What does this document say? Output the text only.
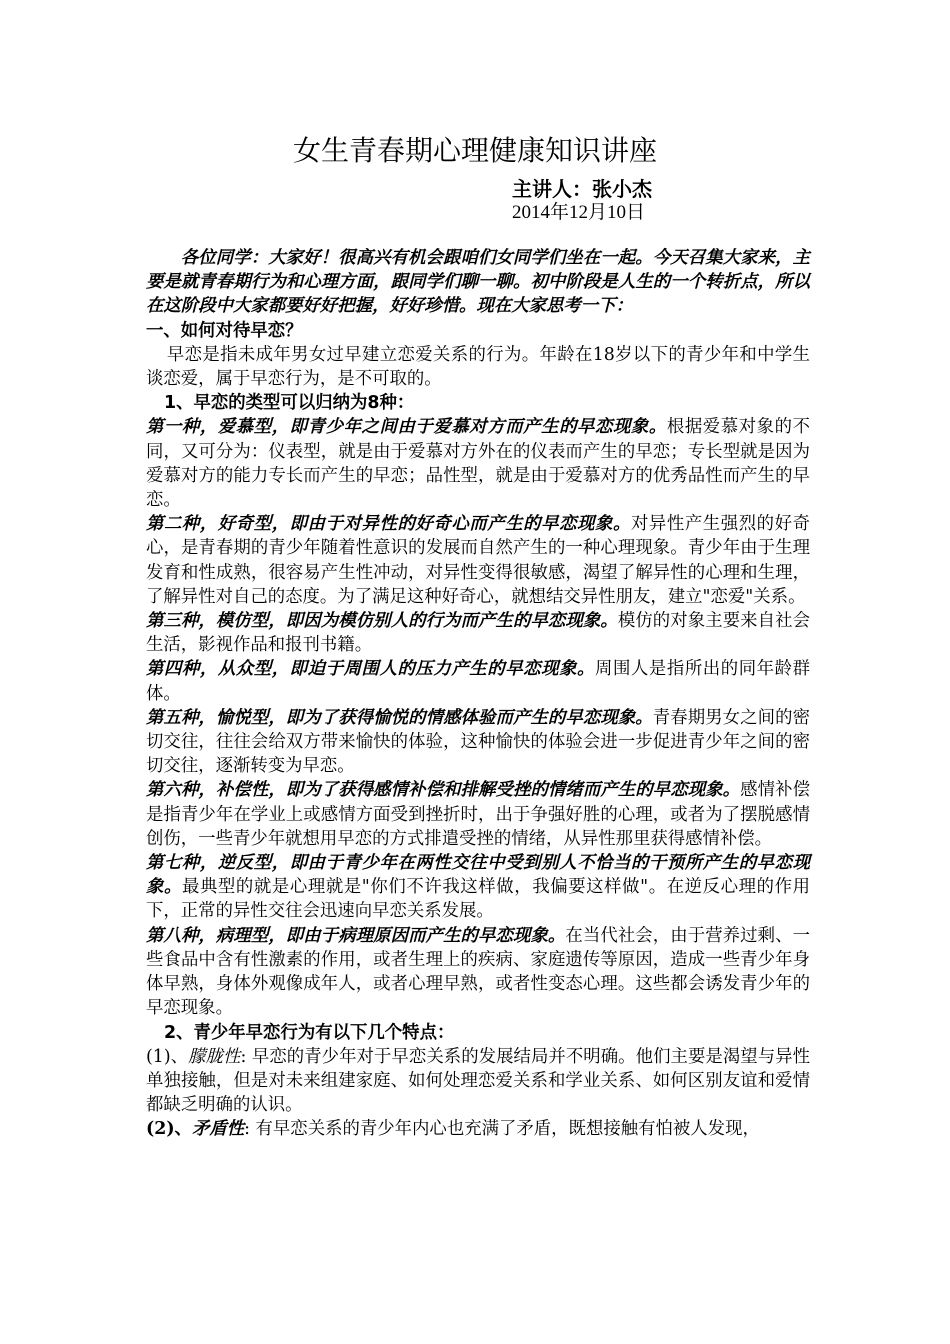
女生青春期心理健康知识讲座
主讲人：张小杰
2014年12月10日

各位同学：大家好！很高兴有机会跟咱们女同学们坐在一起。今天召集大家来，主要是就青春期行为和心理方面，跟同学们聊一聊。初中阶段是人生的一个转折点，所以在这阶段中大家都要好好把握，好好珍惜。现在大家思考一下：

一、如何对待早恋？

早恋是指未成年男女过早建立恋爱关系的行为。年龄在18岁以下的青少年和中学生谈恋爱，属于早恋行为，是不可取的。

1、早恋的类型可以归纳为8种：

第一种，爱慕型，即青少年之间由于爱慕对方而产生的早恋现象。根据爱慕对象的不同，又可分为：仪表型，就是由于爱慕对方外在的仪表而产生的早恋；专长型就是因为爱慕对方的能力专长而产生的早恋；品性型，就是由于爱慕对方的优秀品性而产生的早恋。

第二种，好奇型，即由于对异性的好奇心而产生的早恋现象。对异性产生强烈的好奇心，是青春期的青少年随着性意识的发展而自然产生的一种心理现象。青少年由于生理发育和性成熟，很容易产生性冲动，对异性变得很敏感，渴望了解异性的心理和生理，了解异性对自己的态度。为了满足这种好奇心，就想结交异性朋友，建立"恋爱"关系。

第三种，模仿型，即因为模仿别人的行为而产生的早恋现象。模仿的对象主要来自社会生活，影视作品和报刊书籍。

第四种，从众型，即迫于周围人的压力产生的早恋现象。周围人是指所出的同年龄群体。

第五种，愉悦型，即为了获得愉悦的情感体验而产生的早恋现象。青春期男女之间的密切交往，往往会给双方带来愉快的体验，这种愉快的体验会进一步促进青少年之间的密切交往，逐渐转变为早恋。

第六种，补偿性，即为了获得感情补偿和排解受挫的情绪而产生的早恋现象。感情补偿是指青少年在学业上或感情方面受到挫折时，出于争强好胜的心理，或者为了摆脱感情创伤，一些青少年就想用早恋的方式排遣受挫的情绪，从异性那里获得感情补偿。

第七种，逆反型，即由于青少年在两性交往中受到别人不恰当的干预所产生的早恋现象。最典型的就是心理就是"你们不许我这样做，我偏要这样做"。在逆反心理的作用下，正常的异性交往会迅速向早恋关系发展。

第八种，病理型，即由于病理原因而产生的早恋现象。在当代社会，由于营养过剩、一些食品中含有性激素的作用，或者生理上的疾病、家庭遗传等原因，造成一些青少年身体早熟，身体外观像成年人，或者心理早熟，或者性变态心理。这些都会诱发青少年的早恋现象。

2、青少年早恋行为有以下几个特点：

(1)、朦胧性: 早恋的青少年对于早恋关系的发展结局并不明确。他们主要是渴望与异性单独接触，但是对未来组建家庭、如何处理恋爱关系和学业关系、如何区别友谊和爱情都缺乏明确的认识。

(2)、矛盾性: 有早恋关系的青少年内心也充满了矛盾，既想接触有怕被人发现，
